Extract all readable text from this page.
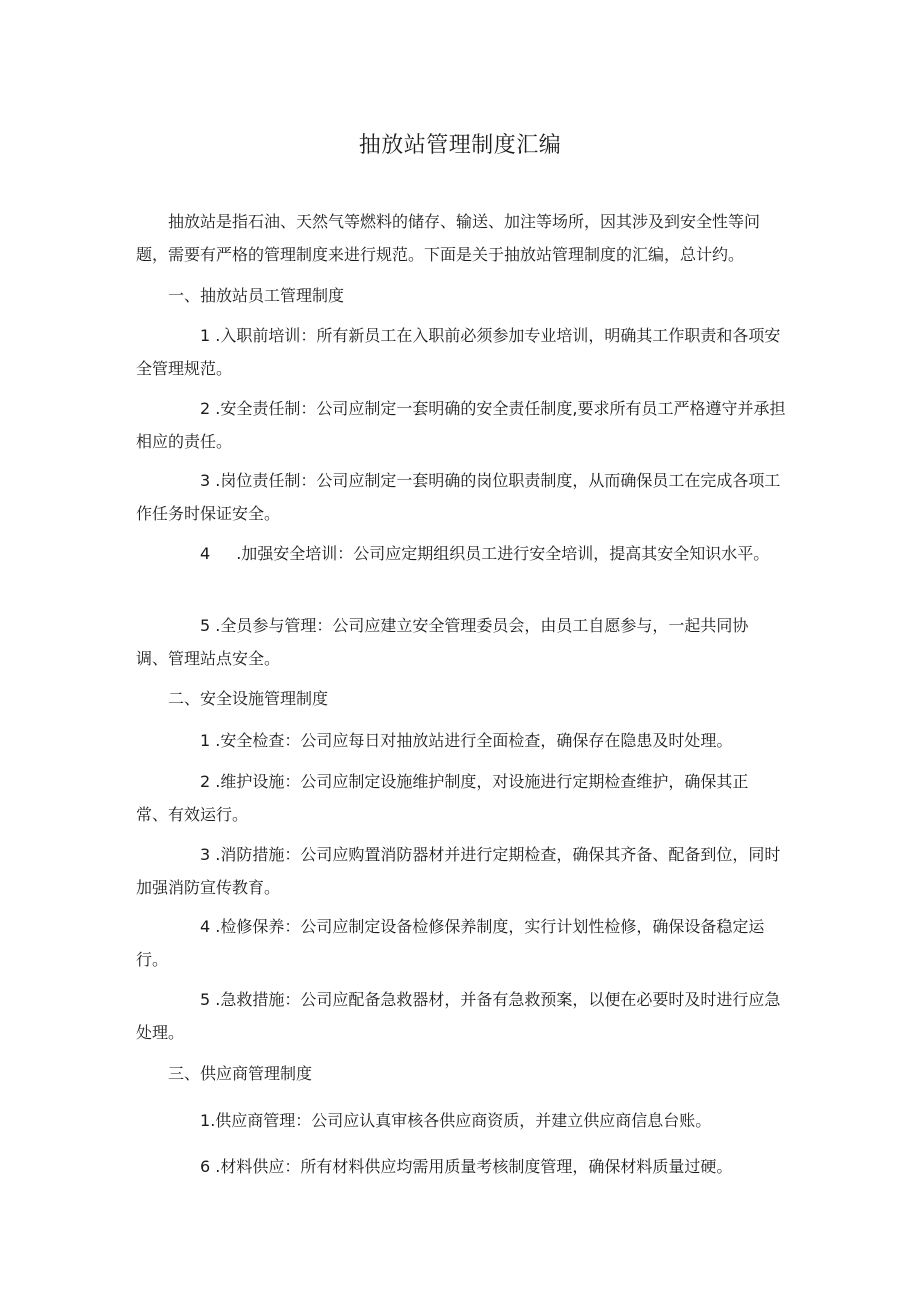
抽放站管理制度汇编

抽放站是指石油、天然气等燃料的储存、输送、加注等场所，因其涉及到安全性等问题，需要有严格的管理制度来进行规范。下面是关于抽放站管理制度的汇编，总计约。

一、抽放站员工管理制度

1 .入职前培训：所有新员工在入职前必须参加专业培训，明确其工作职责和各项安全管理规范。

2 .安全责任制：公司应制定一套明确的安全责任制度,要求所有员工严格遵守并承担相应的责任。

3 .岗位责任制：公司应制定一套明确的岗位职责制度，从而确保员工在完成各项工作任务时保证安全。

4 .加强安全培训：公司应定期组织员工进行安全培训，提高其安全知识水平。

5 .全员参与管理：公司应建立安全管理委员会，由员工自愿参与，一起共同协调、管理站点安全。

二、安全设施管理制度

1 .安全检查：公司应每日对抽放站进行全面检查，确保存在隐患及时处理。

2 .维护设施：公司应制定设施维护制度，对设施进行定期检查维护，确保其正常、有效运行。

3 .消防措施：公司应购置消防器材并进行定期检查，确保其齐备、配备到位，同时加强消防宣传教育。

4 .检修保养：公司应制定设备检修保养制度，实行计划性检修，确保设备稳定运行。

5 .急救措施：公司应配备急救器材，并备有急救预案，以便在必要时及时进行应急处理。

三、供应商管理制度

1.供应商管理：公司应认真审核各供应商资质，并建立供应商信息台账。

6 .材料供应：所有材料供应均需用质量考核制度管理，确保材料质量过硬。
